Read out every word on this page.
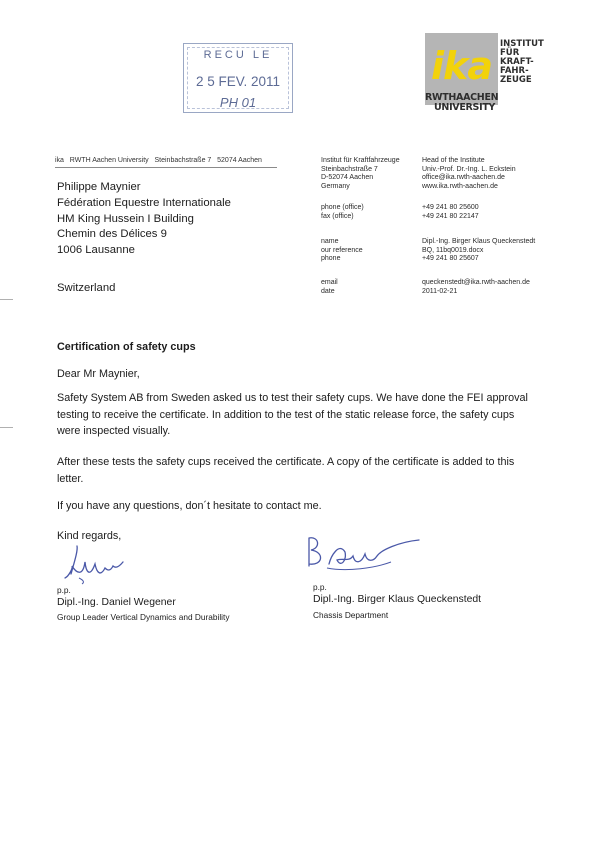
RECU LE
2 5 FEV. 2011
PH 01
ika INSTITUT
FÜR
KRAFT-
FAHR-
ZEUGE
RWTHAACHEN
UNIVERSITY
ika RWTH Aachen University Steinbachstraße 7 52074 Aachen
Philippe Maynier
Fédération Equestre Internationale
HM King Hussein I Building
Chemin des Délices 9
1006 Lausanne
Switzerland
Institut für Kraftfahrzeuge
Steinbachstraße 7
D-52074 Aachen
Germany
Head of the Institute
Univ.-Prof. Dr.-Ing. L. Eckstein
office@ika.rwth-aachen.de
www.ika.rwth-aachen.de
phone (office)
fax (office)
+49 241 80 25600
+49 241 80 22147
name
our reference
phone
Dipl.-Ing. Birger Klaus Queckenstedt
BQ, 11bq0019.docx
+49 241 80 25607
email
date
queckenstedt@ika.rwth-aachen.de
2011-02-21
Certification of safety cups
Dear Mr Maynier,
Safety System AB from Sweden asked us to test their safety cups. We have done the FEI approval
testing to receive the certificate. In addition to the test of the static release force, the safety cups
were inspected visually.
After these tests the safety cups received the certificate. A copy of the certificate is added to this
letter.
If you have any questions, don´t hesitate to contact me.
Kind regards,
p.p.
Dipl.-Ing. Daniel Wegener
Group Leader Vertical Dynamics and Durability
p.p.
Dipl.-Ing. Birger Klaus Queckenstedt
Chassis Department
